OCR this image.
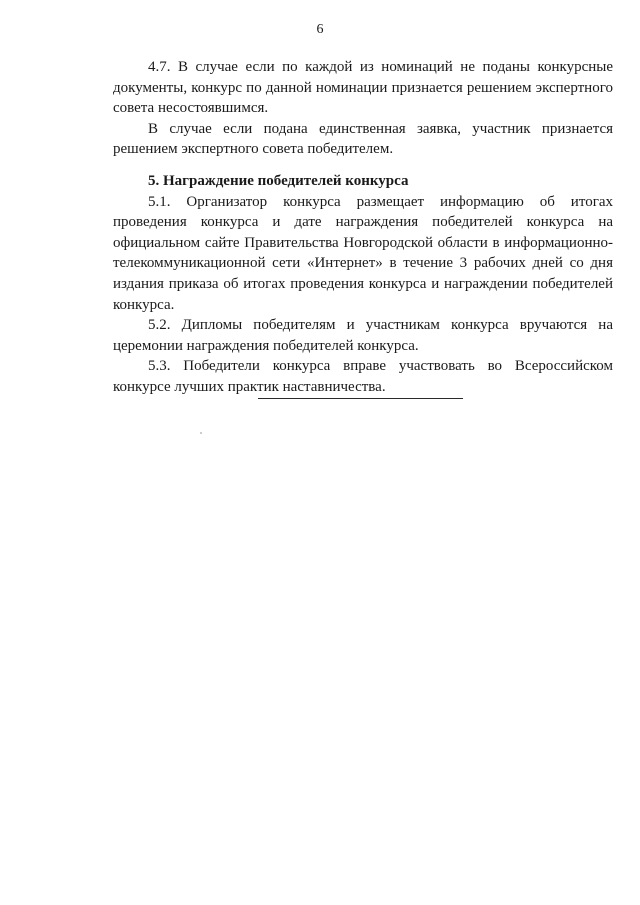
6

4.7. В случае если по каждой из номинаций не поданы конкурсные документы, конкурс по данной номинации признается решением экспертного совета несостоявшимся.

В случае если подана единственная заявка, участник признается решением экспертного совета победителем.

5. Награждение победителей конкурса

5.1. Организатор конкурса размещает информацию об итогах проведения конкурса и дате награждения победителей конкурса на официальном сайте Правительства Новгородской области в информационно-телекоммуникационной сети «Интернет» в течение 3 рабочих дней со дня издания приказа об итогах проведения конкурса и награждении победителей конкурса.

5.2. Дипломы победителям и участникам конкурса вручаются на церемонии награждения победителей конкурса.

5.3. Победители конкурса вправе участвовать во Всероссийском конкурсе лучших практик наставничества.
